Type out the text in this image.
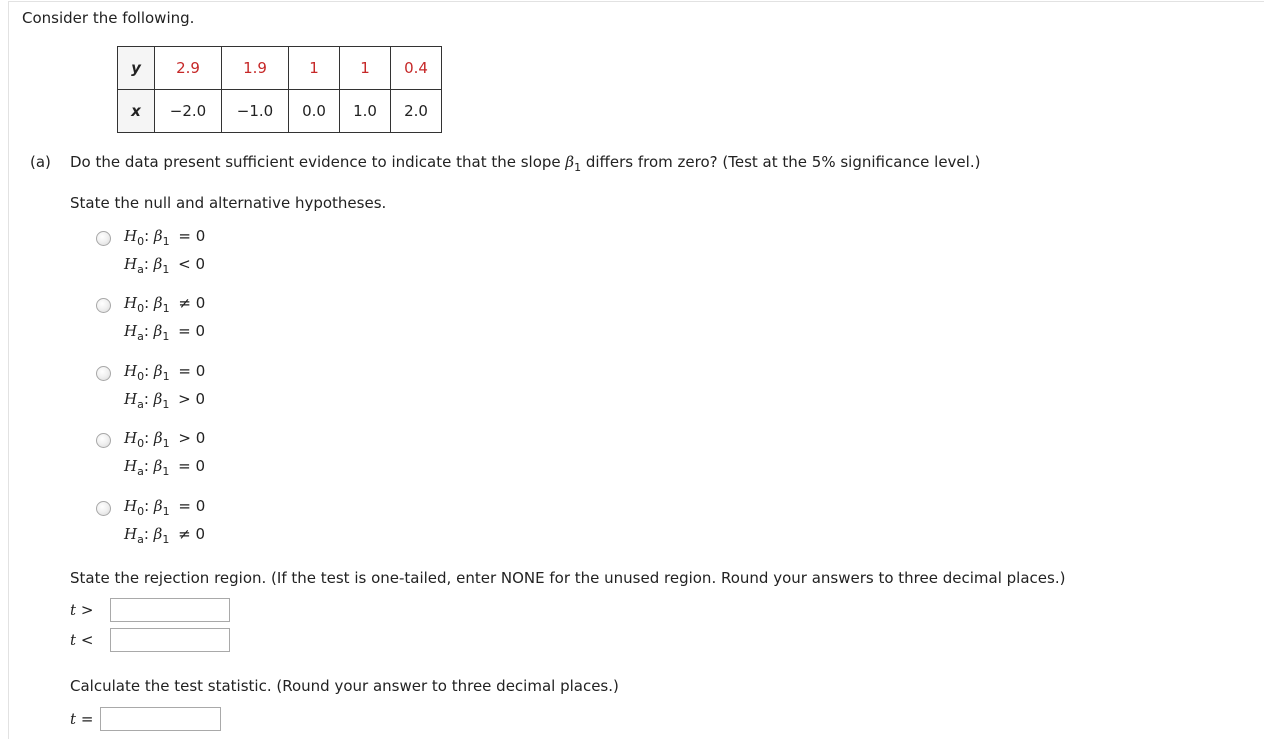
Consider the following.
y	2.9	1.9	1	1	0.4
x	−2.0	−1.0	0.0	1.0	2.0
(a) Do the data present sufficient evidence to indicate that the slope $\beta_1$ differs from zero? (Test at the 5% significance level.)
State the null and alternative hypotheses.
$H_0$: $\beta_1 = 0$
$H_a$: $\beta_1 < 0$
$H_0$: $\beta_1 \ne 0$
$H_a$: $\beta_1 = 0$
$H_0$: $\beta_1 = 0$
$H_a$: $\beta_1 > 0$
$H_0$: $\beta_1 > 0$
$H_a$: $\beta_1 = 0$
$H_0$: $\beta_1 = 0$
$H_a$: $\beta_1 \ne 0$
State the rejection region. (If the test is one-tailed, enter NONE for the unused region. Round your answers to three decimal places.)
t >
t <
Calculate the test statistic. (Round your answer to three decimal places.)
t =
